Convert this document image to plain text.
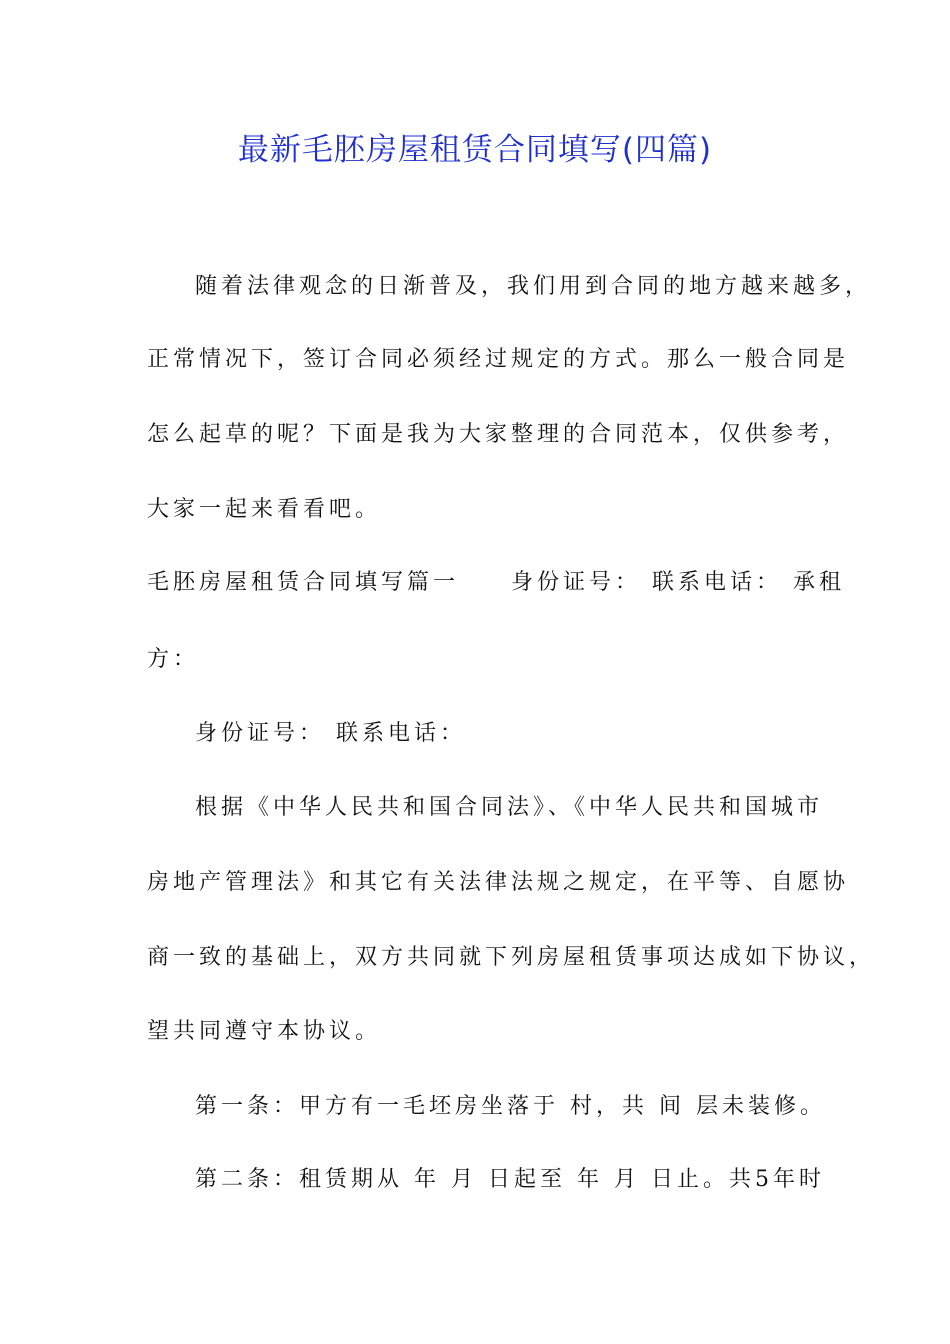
最新毛胚房屋租赁合同填写(四篇)
随着法律观念的日渐普及，我们用到合同的地方越来越多，
正常情况下，签订合同必须经过规定的方式。那么一般合同是
怎么起草的呢？下面是我为大家整理的合同范本，仅供参考，
大家一起来看看吧。
毛胚房屋租赁合同填写篇一 身份证号： 联系电话： 承租
方：
身份证号： 联系电话：
根据《中华人民共和国合同法》、《中华人民共和国城市
房地产管理法》和其它有关法律法规之规定，在平等、自愿协
商一致的基础上，双方共同就下列房屋租赁事项达成如下协议，
望共同遵守本协议。
第一条：甲方有一毛坯房坐落于 村，共 间 层未装修。
第二条：租赁期从 年 月 日起至 年 月 日止。共5年时
